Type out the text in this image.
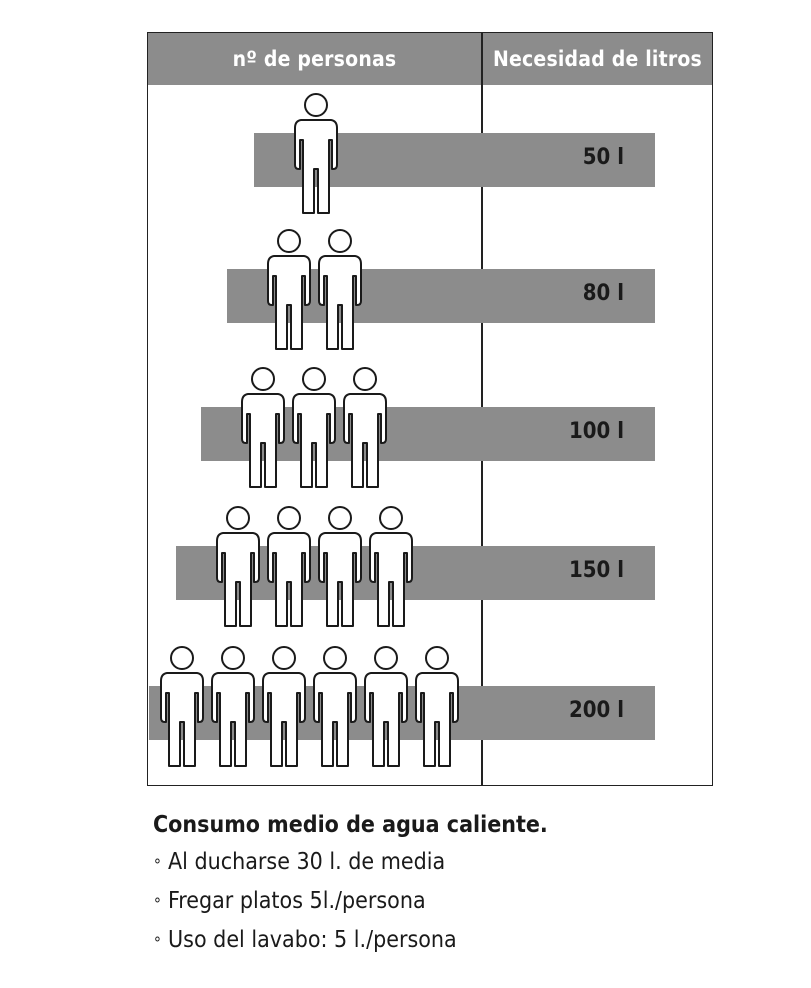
nº de personas	Necesidad de litros
50 l
80 l
100 l
150 l
200 l
Consumo medio de agua caliente.
∘ Al ducharse 30 l. de media
∘ Fregar platos 5l./persona
∘ Uso del lavabo: 5 l./persona
